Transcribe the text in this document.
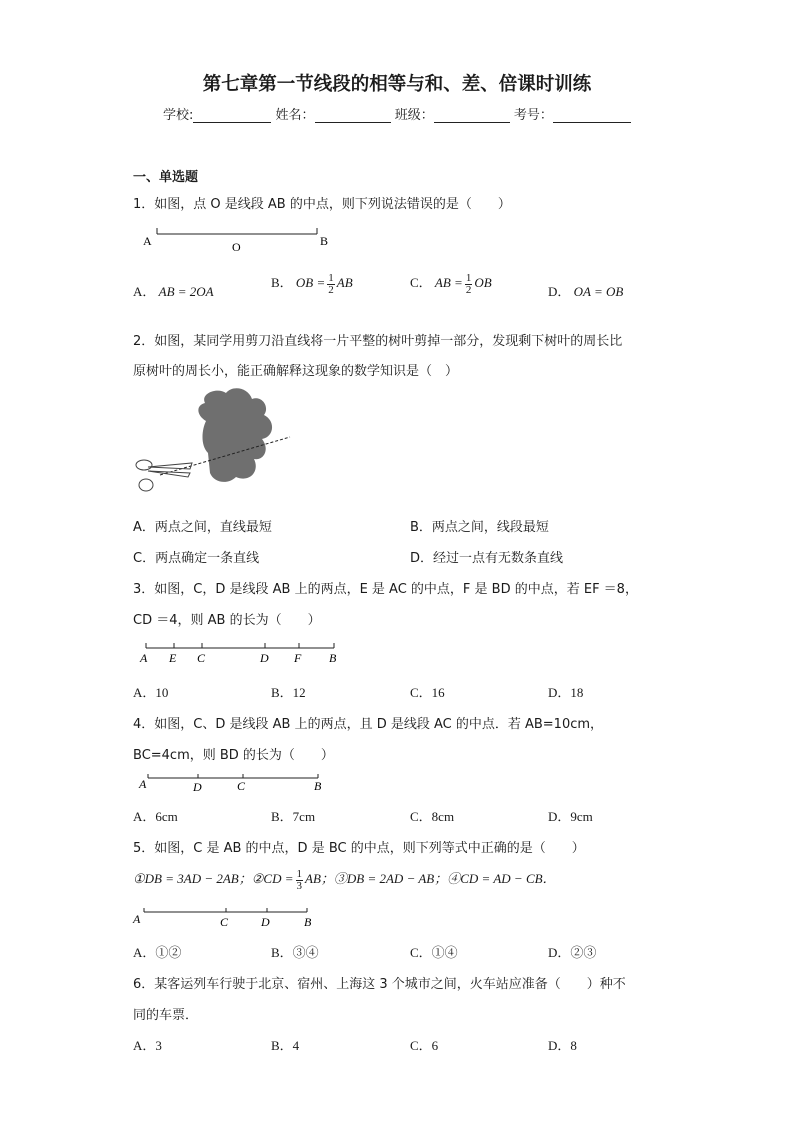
第七章第一节线段的相等与和、差、倍课时训练
学校:	姓名：	班级：	考号：
一、单选题
1．如图，点 O 是线段 AB 的中点，则下列说法错误的是（　　）
A	O	B
A． AB = 2OA
B． OB = $\frac{1}{2}$ AB	C． AB = $\frac{1}{2}$ OB
D． OA = OB
2．如图，某同学用剪刀沿直线将一片平整的树叶剪掉一部分，发现剩下树叶的周长比
原树叶的周长小，能正确解释这现象的数学知识是（　）
A．两点之间，直线最短	B．两点之间，线段最短
C．两点确定一条直线	D．经过一点有无数条直线
3．如图，C，D 是线段 AB 上的两点，E 是 AC 的中点，F 是 BD 的中点，若 EF ＝8，
CD ＝4，则 AB 的长为（　　）
A E C	D F B
A．10	B．12	C．16	D．18
4．如图，C、D 是线段 AB 上的两点，且 D 是线段 AC 的中点．若 AB=10cm，
BC=4cm，则 BD 的长为（　　）
A	D	C	B
A．6cm	B．7cm	C．8cm	D．9cm
5．如图，C 是 AB 的中点，D 是 BC 的中点，则下列等式中正确的是（　　）
①DB = 3AD − 2AB；②CD = $\frac{1}{3}$ AB；③DB = 2AD − AB；④CD = AD − CB．
A	C	D	B
A．①②	B．③④	C．①④	D．②③
6．某客运列车行驶于北京、宿州、上海这 3 个城市之间，火车站应准备（　　）种不
同的车票．
A．3	B．4	C．6	D．8
